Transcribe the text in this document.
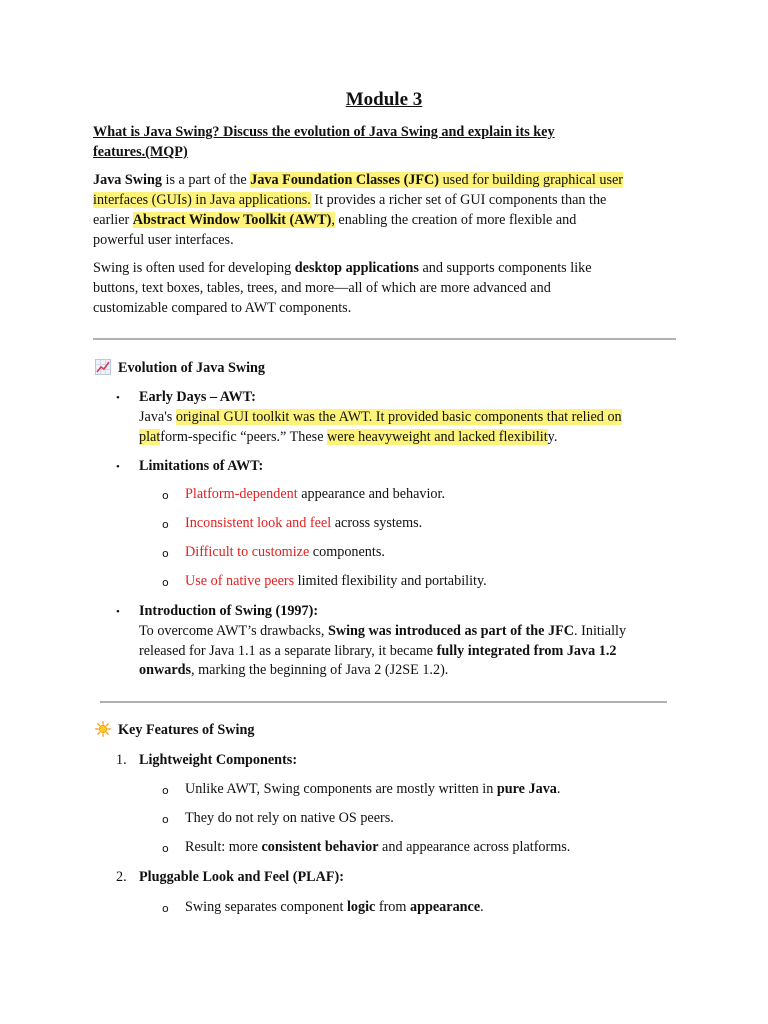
Module 3
What is Java Swing? Discuss the evolution of Java Swing and explain its key
features.(MQP)
Java Swing is a part of the Java Foundation Classes (JFC) used for building graphical user
interfaces (GUIs) in Java applications. It provides a richer set of GUI components than the
earlier Abstract Window Toolkit (AWT), enabling the creation of more flexible and
powerful user interfaces.
Swing is often used for developing desktop applications and supports components like
buttons, text boxes, tables, trees, and more—all of which are more advanced and
customizable compared to AWT components.
Evolution of Java Swing
• Early Days – AWT:
Java's original GUI toolkit was the AWT. It provided basic components that relied on
platform-specific “peers.” These were heavyweight and lacked flexibility.
• Limitations of AWT:
o Platform-dependent appearance and behavior.
o Inconsistent look and feel across systems.
o Difficult to customize components.
o Use of native peers limited flexibility and portability.
• Introduction of Swing (1997):
To overcome AWT’s drawbacks, Swing was introduced as part of the JFC. Initially
released for Java 1.1 as a separate library, it became fully integrated from Java 1.2
onwards, marking the beginning of Java 2 (J2SE 1.2).
Key Features of Swing
1. Lightweight Components:
o Unlike AWT, Swing components are mostly written in pure Java.
o They do not rely on native OS peers.
o Result: more consistent behavior and appearance across platforms.
2. Pluggable Look and Feel (PLAF):
o Swing separates component logic from appearance.
